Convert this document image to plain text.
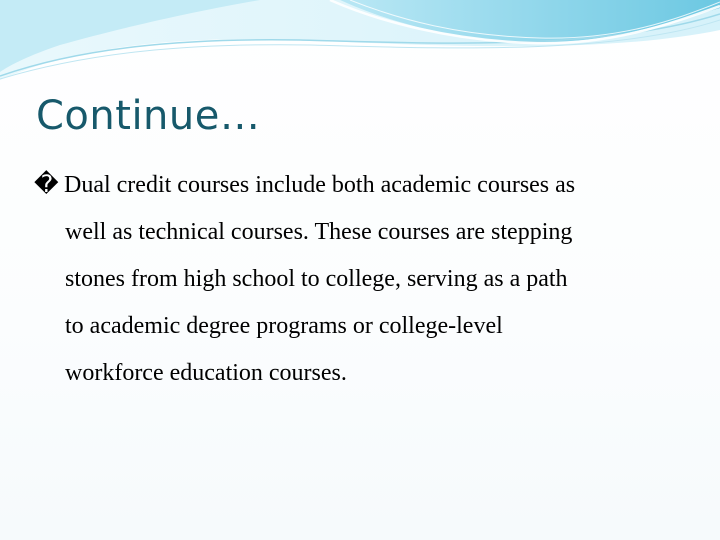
Continue…
� Dual credit courses include both academic courses as
well as technical courses. These courses are stepping
stones from high school to college, serving as a path
to academic degree programs or college-level
workforce education courses.
